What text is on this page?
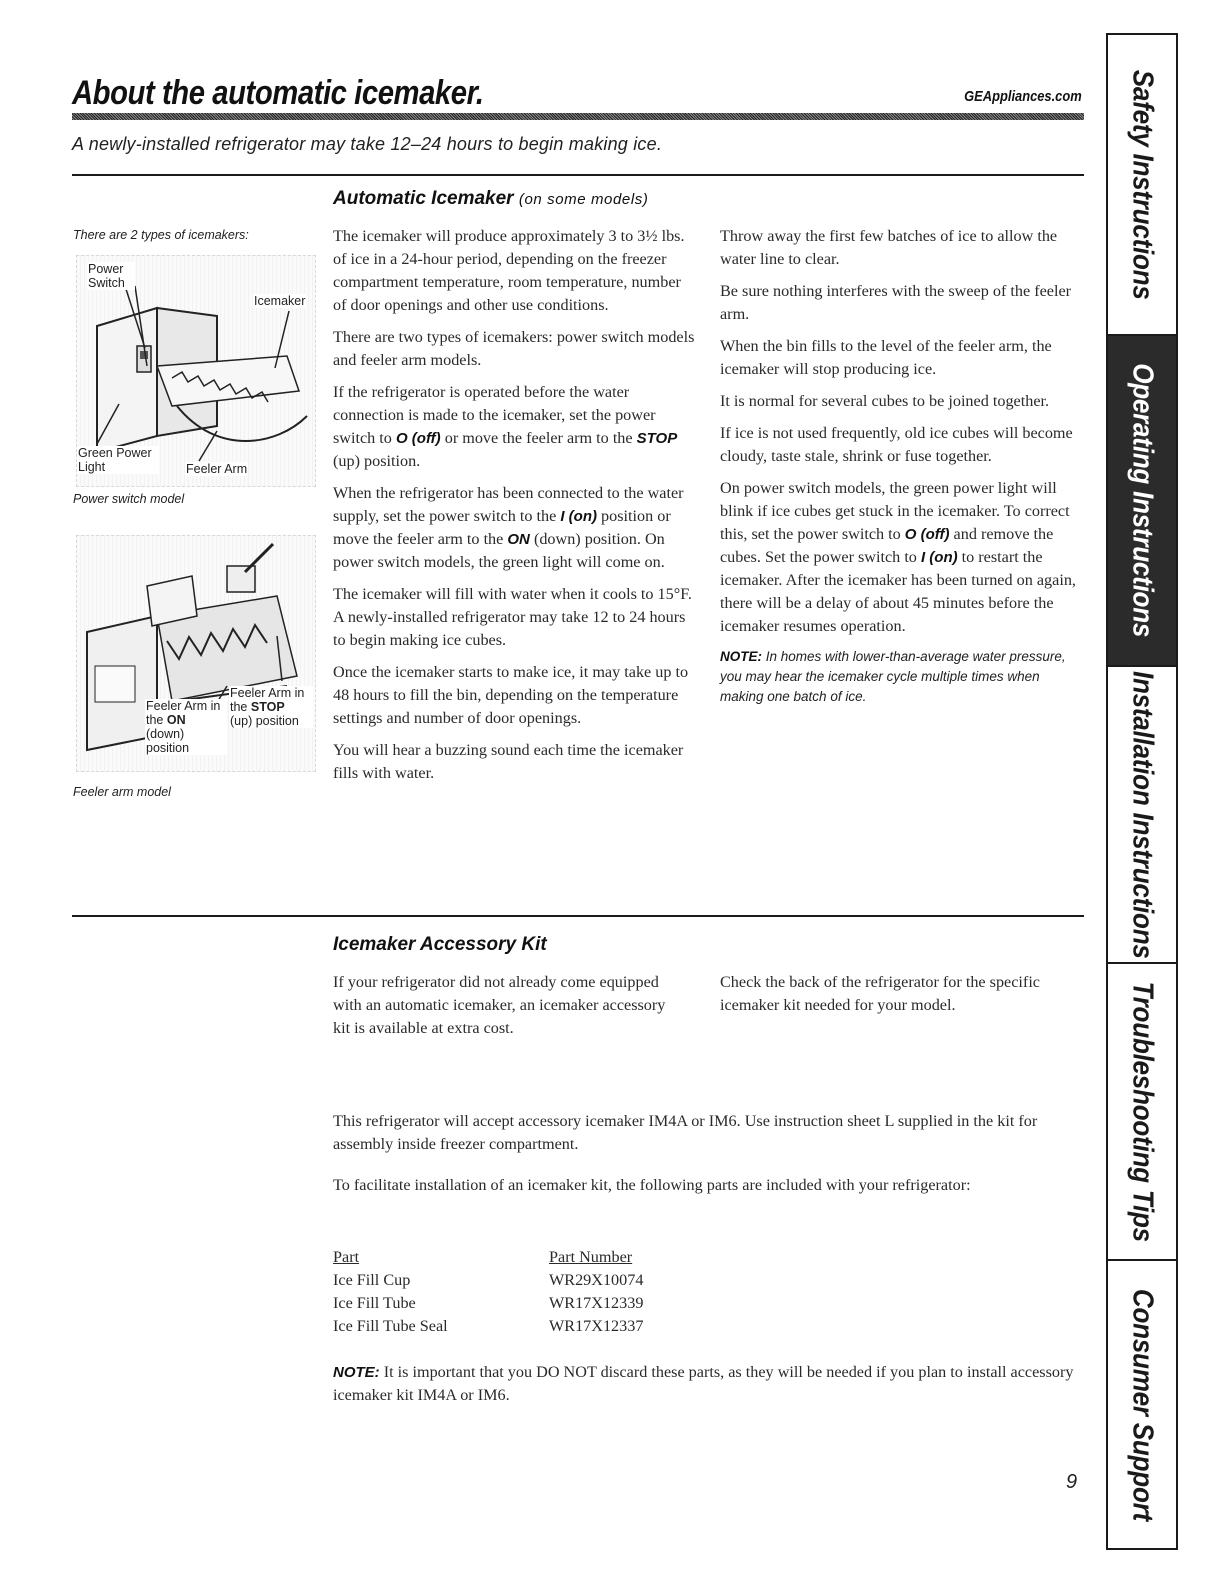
About the automatic icemaker.	GEAppliances.com
A newly-installed refrigerator may take 12–24 hours to begin making ice.
Automatic Icemaker (on some models)
There are 2 types of icemakers:
Power Switch
Icemaker
Green Power Light	Feeler Arm
Power switch model
Feeler Arm in
the STOP
(up) position
Feeler Arm in
the ON (down)
position
Feeler arm model

The icemaker will produce approximately 3 to 3½ lbs. of ice in a 24-hour period, depending on the freezer compartment temperature, room temperature, number of door openings and other use conditions.

There are two types of icemakers: power switch models and feeler arm models.

If the refrigerator is operated before the water connection is made to the icemaker, set the power switch to O (off) or move the feeler arm to the STOP (up) position.

When the refrigerator has been connected to the water supply, set the power switch to the I (on) position or move the feeler arm to the ON (down) position. On power switch models, the green light will come on.

The icemaker will fill with water when it cools to 15°F. A newly-installed refrigerator may take 12 to 24 hours to begin making ice cubes.

Once the icemaker starts to make ice, it may take up to 48 hours to fill the bin, depending on the temperature settings and number of door openings.

You will hear a buzzing sound each time the icemaker fills with water.

Throw away the first few batches of ice to allow the water line to clear.

Be sure nothing interferes with the sweep of the feeler arm.

When the bin fills to the level of the feeler arm, the icemaker will stop producing ice.

It is normal for several cubes to be joined together.

If ice is not used frequently, old ice cubes will become cloudy, taste stale, shrink or fuse together.

On power switch models, the green power light will blink if ice cubes get stuck in the icemaker. To correct this, set the power switch to O (off) and remove the cubes. Set the power switch to I (on) to restart the icemaker. After the icemaker has been turned on again, there will be a delay of about 45 minutes before the icemaker resumes operation.

NOTE: In homes with lower-than-average water pressure, you may hear the icemaker cycle multiple times when making one batch of ice.

Icemaker Accessory Kit

If your refrigerator did not already come equipped with an automatic icemaker, an icemaker accessory kit is available at extra cost.

Check the back of the refrigerator for the specific icemaker kit needed for your model.

This refrigerator will accept accessory icemaker IM4A or IM6. Use instruction sheet L supplied in the kit for assembly inside freezer compartment.

To facilitate installation of an icemaker kit, the following parts are included with your refrigerator:

Part	Part Number
Ice Fill Cup	WR29X10074
Ice Fill Tube	WR17X12339
Ice Fill Tube Seal	WR17X12337

NOTE: It is important that you DO NOT discard these parts, as they will be needed if you plan to install accessory icemaker kit IM4A or IM6.

9
Safety Instructions
Operating Instructions
Installation Instructions
Troubleshooting Tips
Consumer Support
